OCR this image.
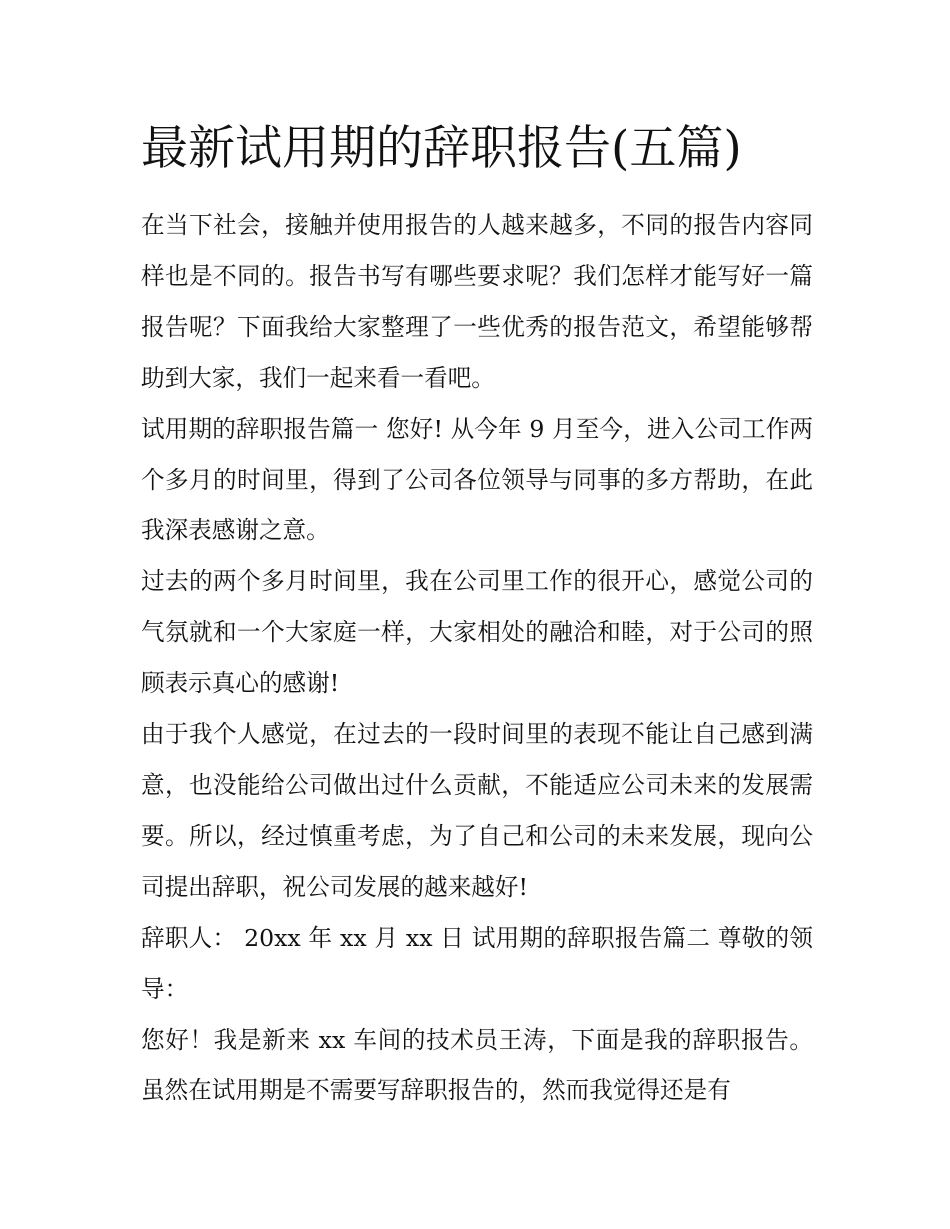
最新试用期的辞职报告(五篇)

在当下社会，接触并使用报告的人越来越多，不同的报告内容同样也是不同的。报告书写有哪些要求呢？我们怎样才能写好一篇报告呢？下面我给大家整理了一些优秀的报告范文，希望能够帮助到大家，我们一起来看一看吧。

试用期的辞职报告篇一 您好! 从今年 9 月至今，进入公司工作两个多月的时间里，得到了公司各位领导与同事的多方帮助，在此我深表感谢之意。

过去的两个多月时间里，我在公司里工作的很开心，感觉公司的气氛就和一个大家庭一样，大家相处的融洽和睦，对于公司的照顾表示真心的感谢!

由于我个人感觉，在过去的一段时间里的表现不能让自己感到满意，也没能给公司做出过什么贡献，不能适应公司未来的发展需要。所以，经过慎重考虑，为了自己和公司的未来发展，现向公司提出辞职，祝公司发展的越来越好!

辞职人： 20xx 年 xx 月 xx 日 试用期的辞职报告篇二 尊敬的领导：

您好！我是新来 xx 车间的技术员王涛，下面是我的辞职报告。虽然在试用期是不需要写辞职报告的，然而我觉得还是有
